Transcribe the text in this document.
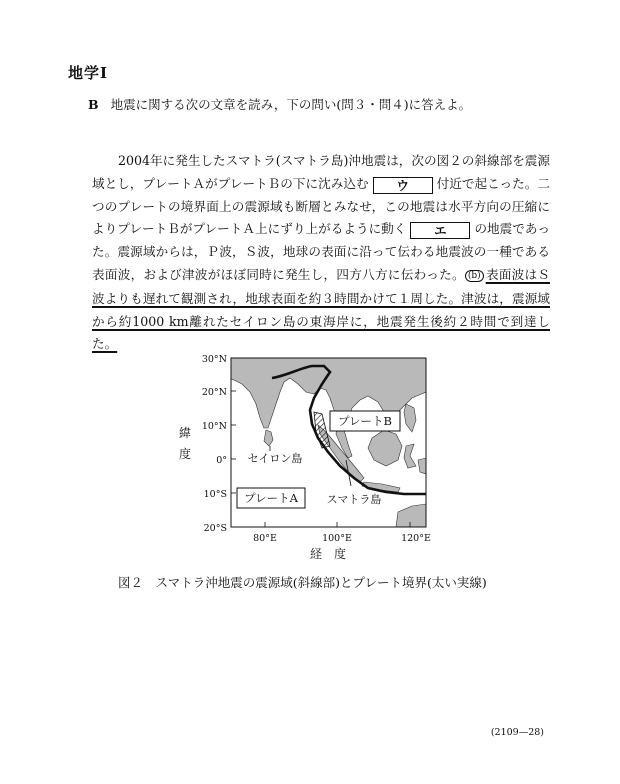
地学Ⅰ
B 地震に関する次の文章を読み，下の問い(問３・問４)に答えよ。
2004年に発生したスマトラ(スマトラ島)沖地震は，次の図２の斜線部を震源域とし，プレートＡがプレートＢの下に沈み込む ウ 付近で起こった。二つのプレートの境界面上の震源域も断層とみなせ，この地震は水平方向の圧縮によりプレートＢがプレートＡ上にずり上がるように動く エ の地震であった。震源域からは，Ｐ波，Ｓ波，地球の表面に沿って伝わる地震波の一種である表面波，および津波がほぼ同時に発生し，四方八方に伝わった。 (b) 表面波はＳ波よりも遅れて観測され，地球表面を約３時間かけて１周した。津波は，震源域から約1000 km離れたセイロン島の東海岸に，地震発生後約２時間で到達した。
30°N
20°N
10°N
0°
10°S
20°S
80°E	100°E	120°E
緯
度
経　度
プレートB
プレートA
セイロン島
スマトラ島
図２　スマトラ沖地震の震源域(斜線部)とプレート境界(太い実線)
(2109—28)
